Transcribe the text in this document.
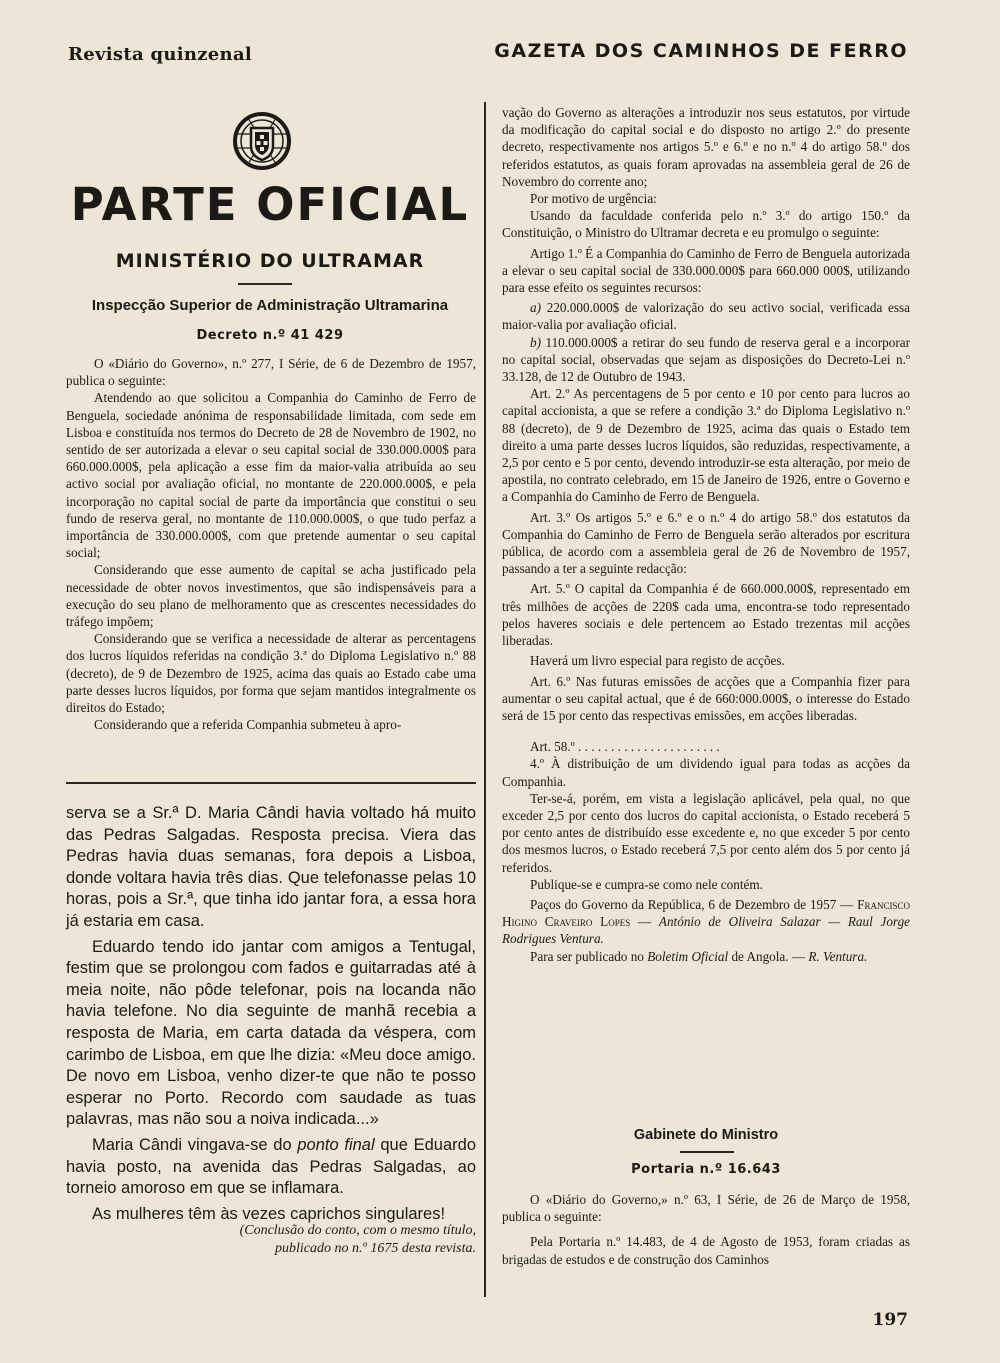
Revista quinzenal	GAZETA DOS CAMINHOS DE FERRO
PARTE OFICIAL
MINISTÉRIO DO ULTRAMAR
Inspecção Superior de Administração Ultramarina
Decreto n.º 41 429

O «Diário do Governo», n.º 277, I Série, de 6 de Dezembro de 1957, publica o seguinte:

Atendendo ao que solicitou a Companhia do Caminho de Ferro de Benguela, sociedade anónima de responsabilidade limitada, com sede em Lisboa e constituída nos termos do Decreto de 28 de Novembro de 1902, no sentido de ser autorizada a elevar o seu capital social de 330.000.000$ para 660.000.000$, pela aplicação a esse fim da maior-valia atribuída ao seu activo social por avaliação oficial, no montante de 220.000.000$, e pela incorporação no capital social de parte da importância que constitui o seu fundo de reserva geral, no montante de 110.000.000$, o que tudo perfaz a importância de 330.000.000$, com que pretende aumentar o seu capital social;

Considerando que esse aumento de capital se acha justificado pela necessidade de obter novos investimentos, que são indispensáveis para a execução do seu plano de melhoramento que as crescentes necessidades do tráfego impõem;

Considerando que se verifica a necessidade de alterar as percentagens dos lucros líquidos referidas na condição 3.ª do Diploma Legislativo n.º 88 (decreto), de 9 de Dezembro de 1925, acima das quais ao Estado cabe uma parte desses lucros líquidos, por forma que sejam mantidos integralmente os direitos do Estado;

Considerando que a referida Companhia submeteu à apro-

serva se a Sr.ª D. Maria Cândi havia voltado há muito das Pedras Salgadas. Resposta precisa. Viera das Pedras havia duas semanas, fora depois a Lisboa, donde voltara havia três dias. Que telefonasse pelas 10 horas, pois a Sr.ª, que tinha ido jantar fora, a essa hora já estaria em casa.

Eduardo tendo ido jantar com amigos a Tentugal, festim que se prolongou com fados e guitarradas até à meia noite, não pôde telefonar, pois na locanda não havia telefone. No dia seguinte de manhã recebia a resposta de Maria, em carta datada da véspera, com carimbo de Lisboa, em que lhe dizia: «Meu doce amigo. De novo em Lisboa, venho dizer-te que não te posso esperar no Porto. Recordo com saudade as tuas palavras, mas não sou a noiva indicada...»

Maria Cândi vingava-se do ponto final que Eduardo havia posto, na avenida das Pedras Salgadas, ao torneio amoroso em que se inflamara.

As mulheres têm às vezes caprichos singulares!

(Conclusão do conto, com o mesmo título, publicado no n.º 1675 desta revista.

vação do Governo as alterações a introduzir nos seus estatutos, por virtude da modificação do capital social e do disposto no artigo 2.º do presente decreto, respectivamente nos artigos 5.º e 6.º e no n.º 4 do artigo 58.º dos referidos estatutos, as quais foram aprovadas na assembleia geral de 26 de Novembro do corrente ano;

Por motivo de urgência:

Usando da faculdade conferida pelo n.º 3.º do artigo 150.º da Constituição, o Ministro do Ultramar decreta e eu promulgo o seguinte:

Artigo 1.º É a Companhia do Caminho de Ferro de Benguela autorizada a elevar o seu capital social de 330.000.000$ para 660.000 000$, utilizando para esse efeito os seguintes recursos:

a) 220.000.000$ de valorização do seu activo social, verificada essa maior-valia por avaliação oficial.

b) 110.000.000$ a retirar do seu fundo de reserva geral e a incorporar no capital social, observadas que sejam as disposições do Decreto-Lei n.º 33.128, de 12 de Outubro de 1943.

Art. 2.º As percentagens de 5 por cento e 10 por cento para lucros ao capital accionista, a que se refere a condição 3.ª do Diploma Legislativo n.º 88 (decreto), de 9 de Dezembro de 1925, acima das quais o Estado tem direito a uma parte desses lucros líquidos, são reduzidas, respectivamente, a 2,5 por cento e 5 por cento, devendo introduzir-se esta alteração, por meio de apostila, no contrato celebrado, em 15 de Janeiro de 1926, entre o Governo e a Companhia do Caminho de Ferro de Benguela.

Art. 3.º Os artigos 5.º e 6.º e o n.º 4 do artigo 58.º dos estatutos da Companhia do Caminho de Ferro de Benguela serão alterados por escritura pública, de acordo com a assembleia geral de 26 de Novembro de 1957, passando a ter a seguinte redacção:

Art. 5.º O capital da Companhia é de 660.000.000$, representado em três milhões de acções de 220$ cada uma, encontra-se todo representado pelos haveres sociais e dele pertencem ao Estado trezentas mil acções liberadas.

Haverá um livro especial para registo de acções.

Art. 6.º Nas futuras emissões de acções que a Companhia fizer para aumentar o seu capital actual, que é de 660:000.000$, o interesse do Estado será de 15 por cento das respectivas emissões, em acções liberadas.

Art. 58.º . . . . . . . . . . . . . . . . . . . . . .

4.º À distribuição de um dividendo igual para todas as acções da Companhia.

Ter-se-á, porém, em vista a legislação aplicável, pela qual, no que exceder 2,5 por cento dos lucros do capital accionista, o Estado receberá 5 por cento antes de distribuído esse excedente e, no que exceder 5 por cento dos mesmos lucros, o Estado receberá 7,5 por cento além dos 5 por cento já referidos.

Publique-se e cumpra-se como nele contém.

Paços do Governo da República, 6 de Dezembro de 1957 — Francisco Higino Craveiro Lopes — António de Oliveira Salazar — Raul Jorge Rodrigues Ventura.

Para ser publicado no Boletim Oficial de Angola. — R. Ventura.

Gabinete do Ministro
Portaria n.º 16.643

O «Diário do Governo,» n.º 63, I Série, de 26 de Março de 1958, publica o seguinte:

Pela Portaria n.º 14.483, de 4 de Agosto de 1953, foram criadas as brigadas de estudos e de construção dos Caminhos

197
